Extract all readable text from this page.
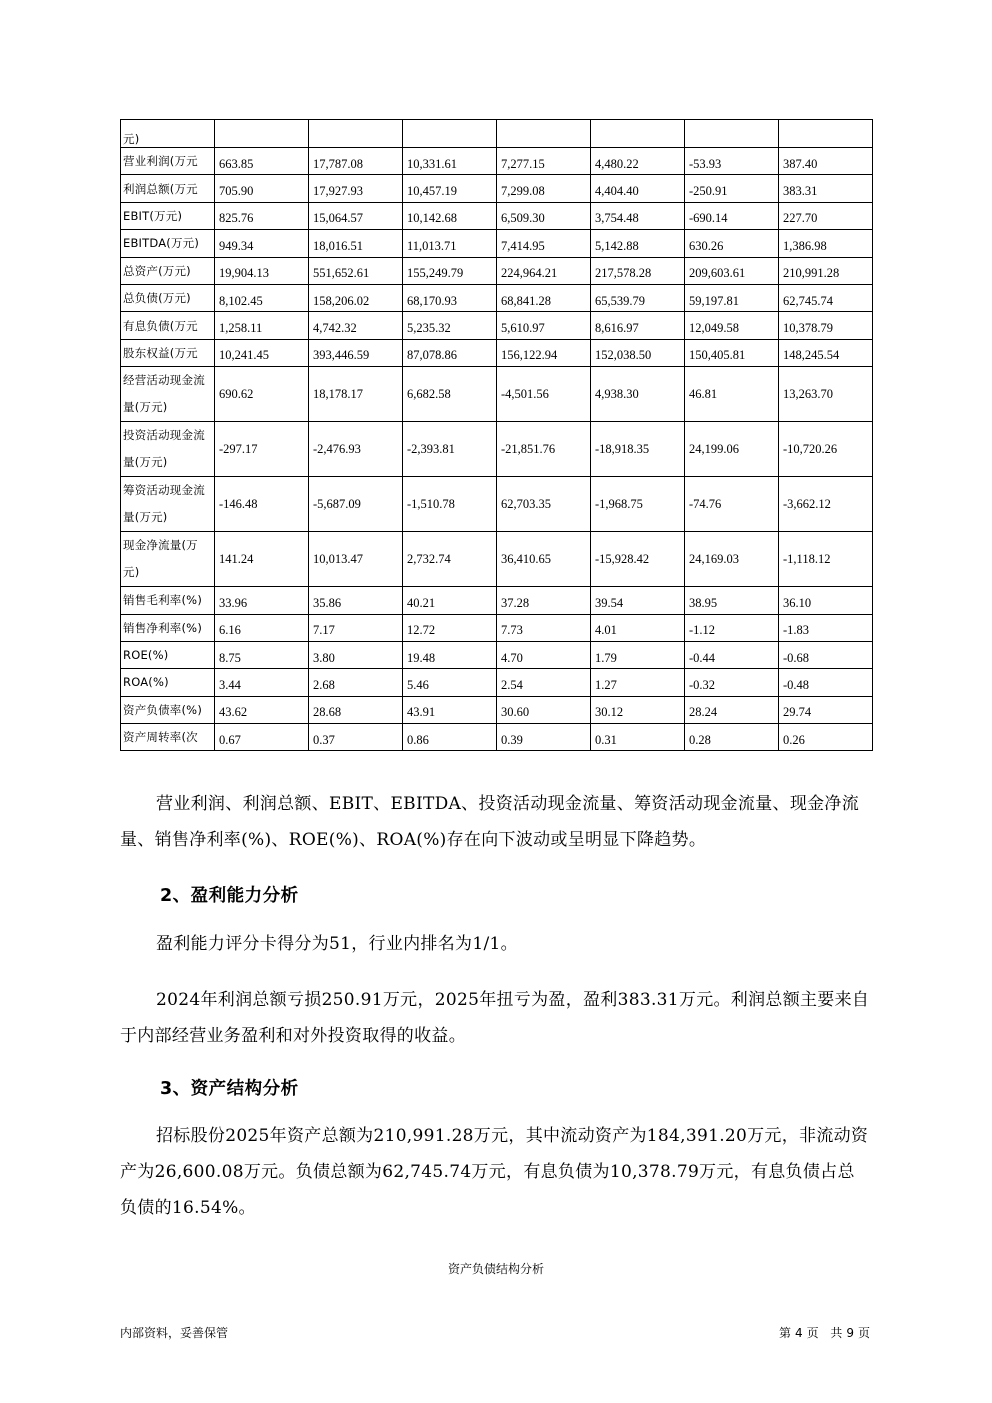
元)							
营业利润(万元	663.85	17,787.08	10,331.61	7,277.15	4,480.22	-53.93	387.40
利润总额(万元	705.90	17,927.93	10,457.19	7,299.08	4,404.40	-250.91	383.31
EBIT(万元)	825.76	15,064.57	10,142.68	6,509.30	3,754.48	-690.14	227.70
EBITDA(万元)	949.34	18,016.51	11,013.71	7,414.95	5,142.88	630.26	1,386.98
总资产(万元)	19,904.13	551,652.61	155,249.79	224,964.21	217,578.28	209,603.61	210,991.28
总负债(万元)	8,102.45	158,206.02	68,170.93	68,841.28	65,539.79	59,197.81	62,745.74
有息负债(万元	1,258.11	4,742.32	5,235.32	5,610.97	8,616.97	12,049.58	10,378.79
股东权益(万元	10,241.45	393,446.59	87,078.86	156,122.94	152,038.50	150,405.81	148,245.54
经营活动现金流量(万元)	690.62	18,178.17	6,682.58	-4,501.56	4,938.30	46.81	13,263.70
投资活动现金流量(万元)	-297.17	-2,476.93	-2,393.81	-21,851.76	-18,918.35	24,199.06	-10,720.26
筹资活动现金流量(万元)	-146.48	-5,687.09	-1,510.78	62,703.35	-1,968.75	-74.76	-3,662.12
现金净流量(万元)	141.24	10,013.47	2,732.74	36,410.65	-15,928.42	24,169.03	-1,118.12
销售毛利率(%)	33.96	35.86	40.21	37.28	39.54	38.95	36.10
销售净利率(%)	6.16	7.17	12.72	7.73	4.01	-1.12	-1.83
ROE(%)	8.75	3.80	19.48	4.70	1.79	-0.44	-0.68
ROA(%)	3.44	2.68	5.46	2.54	1.27	-0.32	-0.48
资产负债率(%)	43.62	28.68	43.91	30.60	30.12	28.24	29.74
资产周转率(次	0.67	0.37	0.86	0.39	0.31	0.28	0.26

营业利润、利润总额、EBIT、EBITDA、投资活动现金流量、筹资活动现金流量、现金净流量、销售净利率(%)、ROE(%)、ROA(%)存在向下波动或呈明显下降趋势。

2、盈利能力分析

盈利能力评分卡得分为51，行业内排名为1/1。

2024年利润总额亏损250.91万元，2025年扭亏为盈，盈利383.31万元。利润总额主要来自于内部经营业务盈利和对外投资取得的收益。

3、资产结构分析

招标股份2025年资产总额为210,991.28万元，其中流动资产为184,391.20万元，非流动资产为26,600.08万元。负债总额为62,745.74万元，有息负债为10,378.79万元，有息负债占总负债的16.54%。

资产负债结构分析
内部资料，妥善保管	第 4 页 共 9 页
